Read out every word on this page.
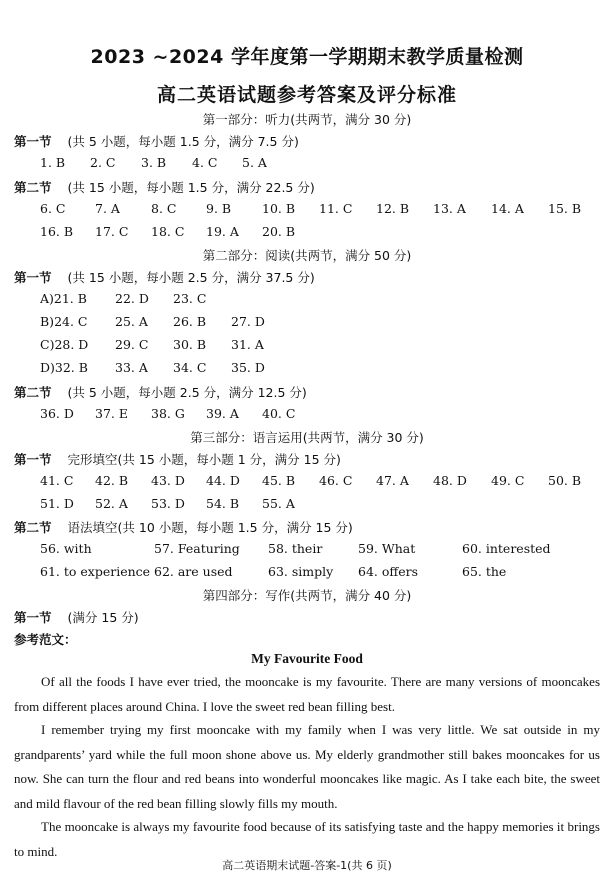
2023 ~2024 学年度第一学期期末教学质量检测
高二英语试题参考答案及评分标准
第一部分：听力(共两节，满分 30 分)
第一节 (共 5 小题，每小题 1.5 分，满分 7.5 分)
1. B 2. C 3. B 4. C 5. A
第二节 (共 15 小题，每小题 1.5 分，满分 22.5 分)
6. C 7. A 8. C 9. B 10. B 11. C 12. B 13. A 14. A 15. B
16. B 17. C 18. C 19. A 20. B
第二部分：阅读(共两节，满分 50 分)
第一节 (共 15 小题，每小题 2.5 分，满分 37.5 分)
A)21. B 22. D 23. C
B)24. C 25. A 26. B 27. D
C)28. D 29. C 30. B 31. A
D)32. B 33. A 34. C 35. D
第二节 (共 5 小题，每小题 2.5 分，满分 12.5 分)
36. D 37. E 38. G 39. A 40. C
第三部分：语言运用(共两节，满分 30 分)
第一节 完形填空(共 15 小题，每小题 1 分，满分 15 分)
41. C 42. B 43. D 44. D 45. B 46. C 47. A 48. D 49. C 50. B
51. D 52. A 53. D 54. B 55. A
第二节 语法填空(共 10 小题，每小题 1.5 分，满分 15 分)
56. with	57. Featuring 58. their	59. What	60. interested
61. to experience 62. are used	63. simply 64. offers	65. the
第四部分：写作(共两节，满分 40 分)
第一节 (满分 15 分)
参考范文：
My Favourite Food

Of all the foods I have ever tried, the mooncake is my favourite. There are many versions of mooncakes from different places around China. I love the sweet red bean filling best.

I remember trying my first mooncake with my family when I was very little. We sat outside in my grandparents’ yard while the full moon shone above us. My elderly grandmother still bakes mooncakes for us now. She can turn the flour and red beans into wonderful mooncakes like magic. As I take each bite, the sweet and mild flavour of the red bean filling slowly fills my mouth.

The mooncake is always my favourite food because of its satisfying taste and the happy memories it brings to mind.

高二英语期末试题-答案-1(共 6 页)
